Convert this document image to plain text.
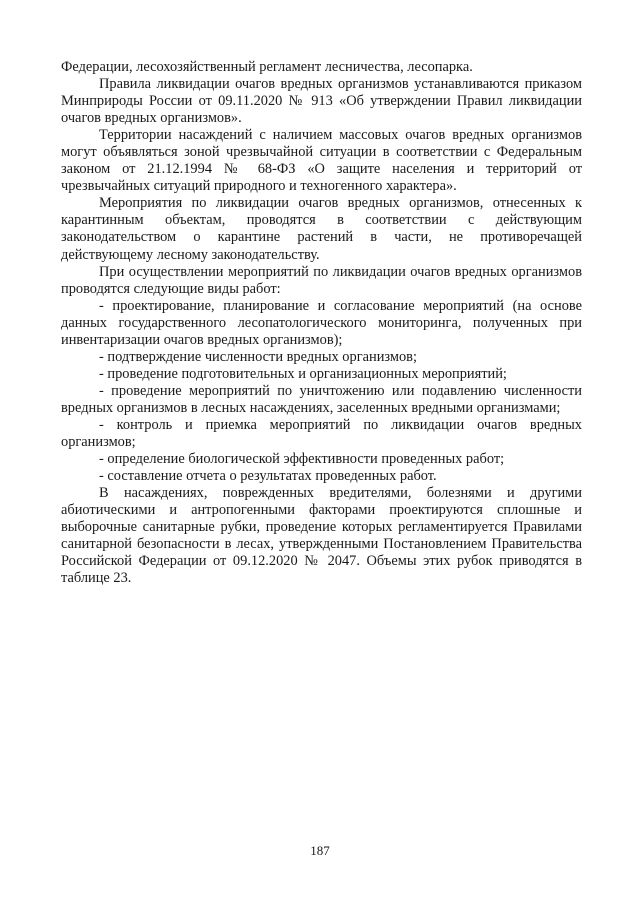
Федерации, лесохозяйственный регламент лесничества, лесопарка.

Правила ликвидации очагов вредных организмов устанавливаются приказом Минприроды России от 09.11.2020 № 913 «Об утверждении Правил ликвидации очагов вредных организмов».

Территории насаждений с наличием массовых очагов вредных организмов могут объявляться зоной чрезвычайной ситуации в соответствии с Федеральным законом от 21.12.1994 № 68-ФЗ «О защите населения и территорий от чрезвычайных ситуаций природного и техногенного характера».

Мероприятия по ликвидации очагов вредных организмов, отнесенных к карантинным объектам, проводятся в соответствии с действующим законодательством о карантине растений в части, не противоречащей действующему лесному законодательству.

При осуществлении мероприятий по ликвидации очагов вредных организмов проводятся следующие виды работ:

- проектирование, планирование и согласование мероприятий (на основе данных государственного лесопатологического мониторинга, полученных при инвентаризации очагов вредных организмов);

- подтверждение численности вредных организмов;

- проведение подготовительных и организационных мероприятий;

- проведение мероприятий по уничтожению или подавлению численности вредных организмов в лесных насаждениях, заселенных вредными организмами;

- контроль и приемка мероприятий по ликвидации очагов вредных организмов;

- определение биологической эффективности проведенных работ;

- составление отчета о результатах проведенных работ.

В насаждениях, поврежденных вредителями, болезнями и другими абиотическими и антропогенными факторами проектируются сплошные и выборочные санитарные рубки, проведение которых регламентируется Правилами санитарной безопасности в лесах, утвержденными Постановлением Правительства Российской Федерации от 09.12.2020 № 2047. Объемы этих рубок приводятся в таблице 23.

187
